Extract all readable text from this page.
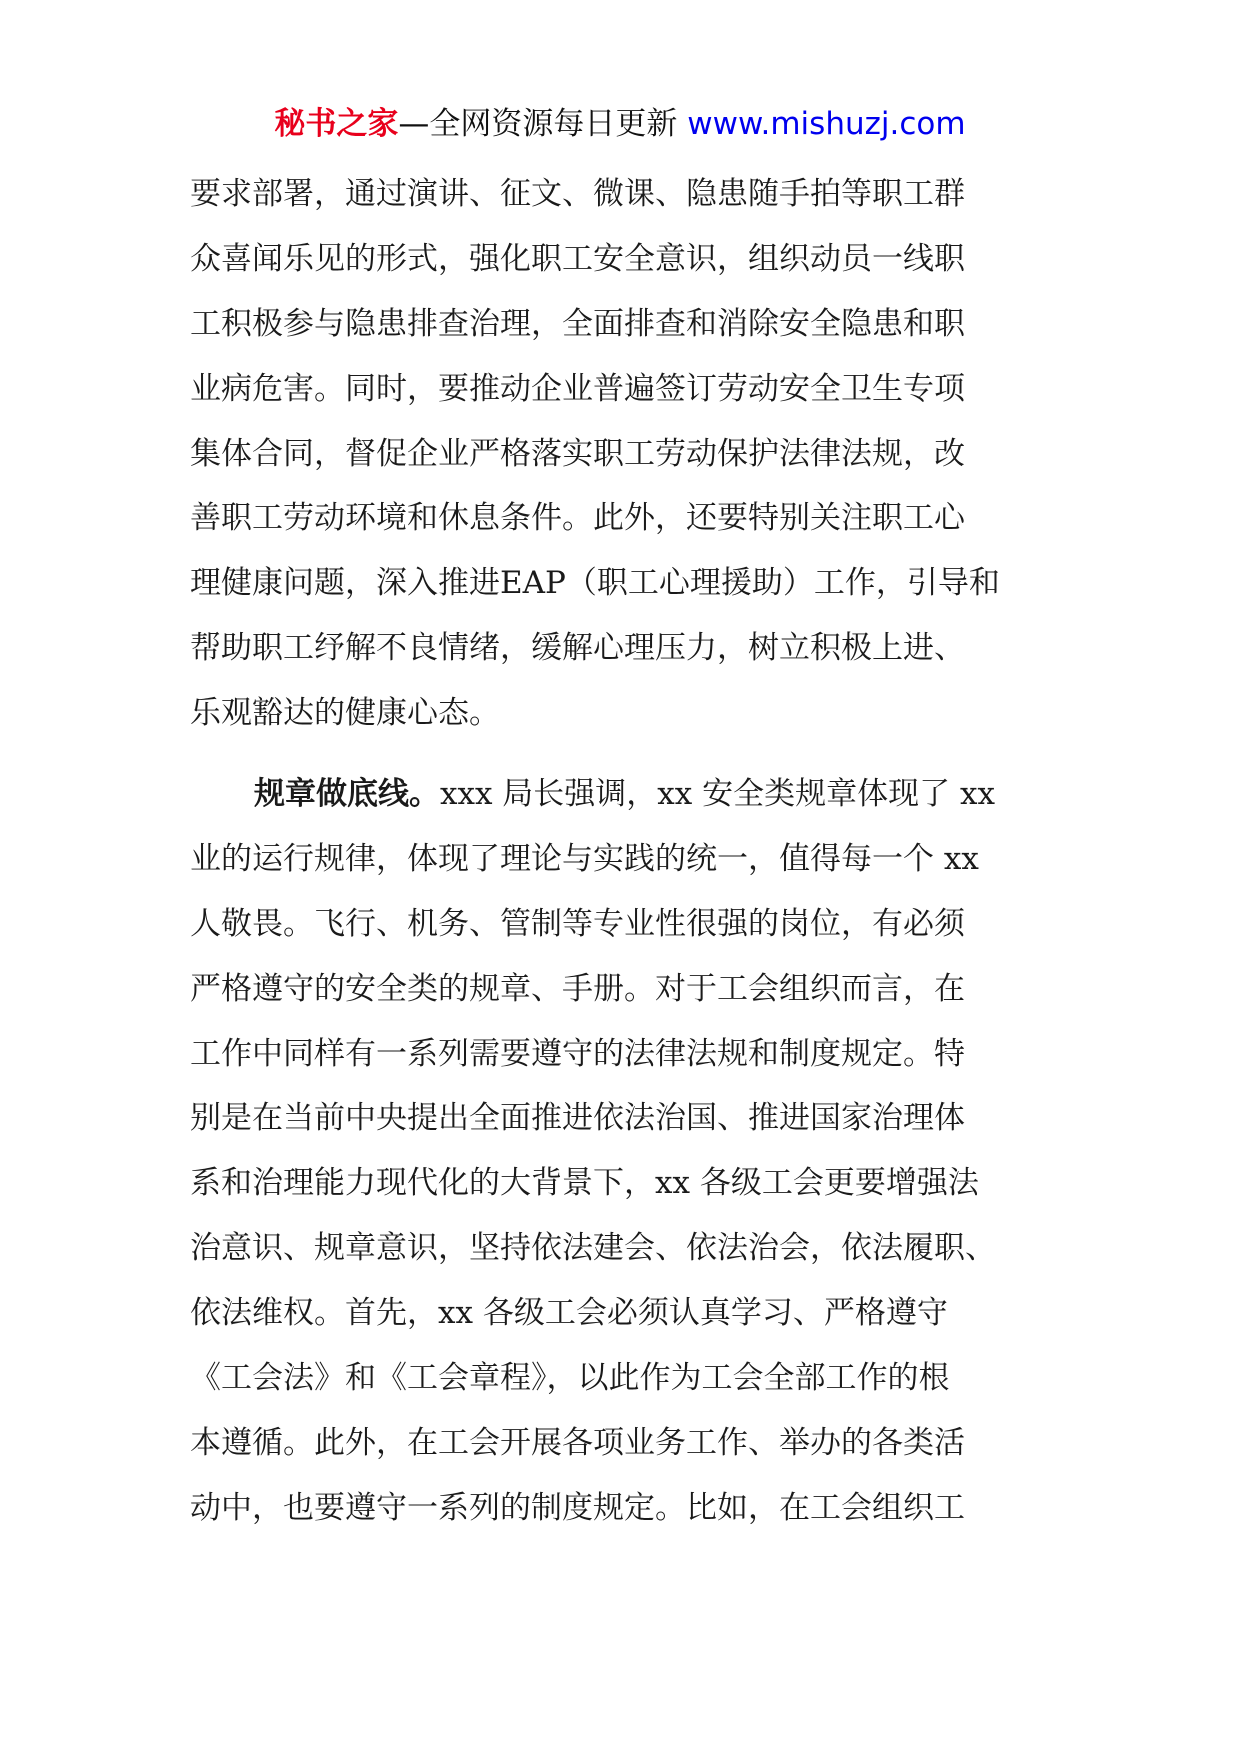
秘书之家—全网资源每日更新 www.mishuzj.com
要求部署，通过演讲、征文、微课、隐患随手拍等职工群
众喜闻乐见的形式，强化职工安全意识，组织动员一线职
工积极参与隐患排查治理，全面排查和消除安全隐患和职
业病危害。同时，要推动企业普遍签订劳动安全卫生专项
集体合同，督促企业严格落实职工劳动保护法律法规，改
善职工劳动环境和休息条件。此外，还要特别关注职工心
理健康问题，深入推进EAP（职工心理援助）工作，引导和
帮助职工纾解不良情绪，缓解心理压力，树立积极上进、
乐观豁达的健康心态。
规章做底线。xxx 局长强调，xx 安全类规章体现了 xx
业的运行规律，体现了理论与实践的统一，值得每一个 xx
人敬畏。飞行、机务、管制等专业性很强的岗位，有必须
严格遵守的安全类的规章、手册。对于工会组织而言，在
工作中同样有一系列需要遵守的法律法规和制度规定。特
别是在当前中央提出全面推进依法治国、推进国家治理体
系和治理能力现代化的大背景下，xx 各级工会更要增强法
治意识、规章意识，坚持依法建会、依法治会，依法履职、
依法维权。首先，xx 各级工会必须认真学习、严格遵守
《工会法》和《工会章程》，以此作为工会全部工作的根
本遵循。此外，在工会开展各项业务工作、举办的各类活
动中，也要遵守一系列的制度规定。比如，在工会组织工
